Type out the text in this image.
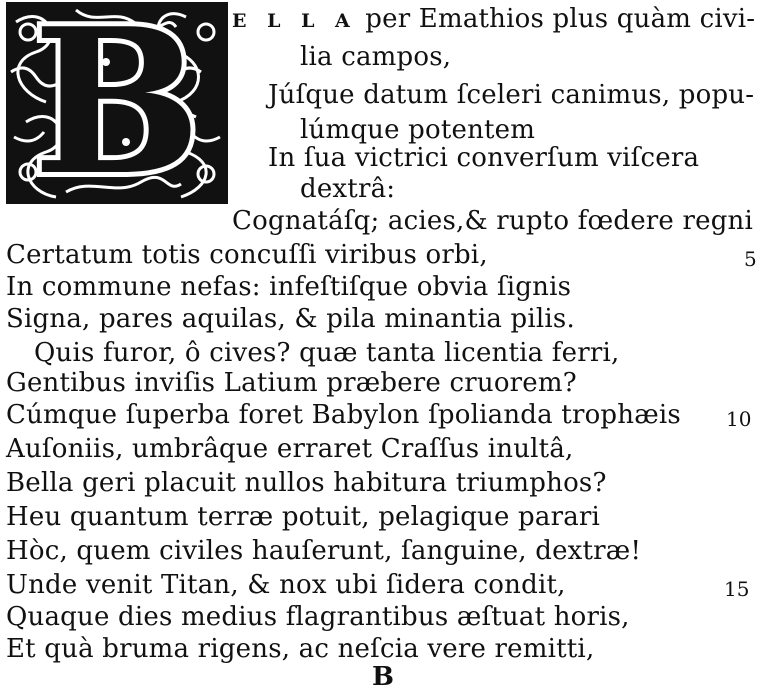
B	E L L A per Emathios plus quàm civi-
lia campos,
Júſque datum ſceleri canimus, popu-
lúmque potentem
In ſua victrici converſum viſcera
dextrâ:
Cognatáſq; acies,& rupto fœdere regni
Certatum totis concuſſi viribus orbi,	5
In commune nefas: infeſtiſque obvia ſignis
Signa, pares aquilas, & pila minantia pilis.
Quis furor, ô cives? quæ tanta licentia ferri,
Gentibus inviſis Latium præbere cruorem?
Cúmque ſuperba foret Babylon ſpolianda trophæis 10
Auſoniis, umbrâque erraret Craſſus inultâ,
Bella geri placuit nullos habitura triumphos?
Heu quantum terræ potuit, pelagique parari
Hòc, quem civiles hauſerunt, ſanguine, dextræ!
Unde venit Titan, & nox ubi ſidera condit,	15
Quaque dies medius flagrantibus æſtuat horis,
Et quà bruma rigens, ac neſcia vere remitti,
B
